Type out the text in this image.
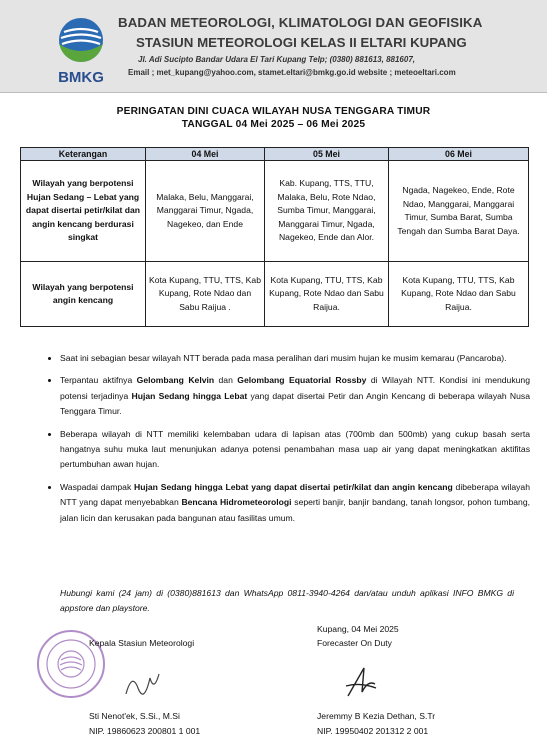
BMKG
BADAN METEOROLOGI, KLIMATOLOGI DAN GEOFISIKA
STASIUN METEOROLOGI KELAS II ELTARI KUPANG
Jl. Adi Sucipto Bandar Udara El Tari Kupang Telp; (0380) 881613, 881607,
Email ; met_kupang@yahoo.com, stamet.eltari@bmkg.go.id website ; meteoeltari.com
PERINGATAN DINI CUACA WILAYAH NUSA TENGGARA TIMUR
TANGGAL 04 Mei 2025 – 06 Mei 2025
Keterangan	04 Mei	05 Mei	06 Mei
Wilayah yang berpotensi Hujan Sedang – Lebat yang dapat disertai petir/kilat dan angin kencang berdurasi singkat	Malaka, Belu, Manggarai, Manggarai Timur, Ngada, Nagekeo, dan Ende	Kab. Kupang, TTS, TTU, Malaka, Belu, Rote Ndao, Sumba Timur, Manggarai, Manggarai Timur, Ngada, Nagekeo, Ende dan Alor.	Ngada, Nagekeo, Ende, Rote Ndao, Manggarai, Manggarai Timur, Sumba Barat, Sumba Tengah dan Sumba Barat Daya.
Wilayah yang berpotensi angin kencang	Kota Kupang, TTU, TTS, Kab Kupang, Rote Ndao dan Sabu Raijua .	Kota Kupang, TTU, TTS, Kab Kupang, Rote Ndao dan Sabu Raijua.	Kota Kupang, TTU, TTS, Kab Kupang, Rote Ndao dan Sabu Raijua.
• Saat ini sebagian besar wilayah NTT berada pada masa peralihan dari musim hujan ke musim kemarau (Pancaroba).
• Terpantau aktifnya Gelombang Kelvin dan Gelombang Equatorial Rossby di Wilayah NTT. Kondisi ini mendukung potensi terjadinya Hujan Sedang hingga Lebat yang dapat disertai Petir dan Angin Kencang di beberapa wilayah Nusa Tenggara Timur.
• Beberapa wilayah di NTT memiliki kelembaban udara di lapisan atas (700mb dan 500mb) yang cukup basah serta hangatnya suhu muka laut menunjukan adanya potensi penambahan masa uap air yang dapat meningkatkan aktifitas pertumbuhan awan hujan.
• Waspadai dampak Hujan Sedang hingga Lebat yang dapat disertai petir/kilat dan angin kencang dibeberapa wilayah NTT yang dapat menyebabkan Bencana Hidrometeorologi seperti banjir, banjir bandang, tanah longsor, pohon tumbang, jalan licin dan kerusakan pada bangunan atau fasilitas umum.
Hubungi kami (24 jam) di (0380)881613 dan WhatsApp 0811-3940-4264 dan/atau unduh aplikasi INFO BMKG di appstore dan playstore.
Kepala Stasiun Meteorologi
Sti Nenot'ek, S.Si., M.Si
NIP. 19860623 200801 1 001
Kupang, 04 Mei 2025
Forecaster On Duty
Jeremmy B Kezia Dethan, S.Tr
NIP. 19950402 201312 2 001
